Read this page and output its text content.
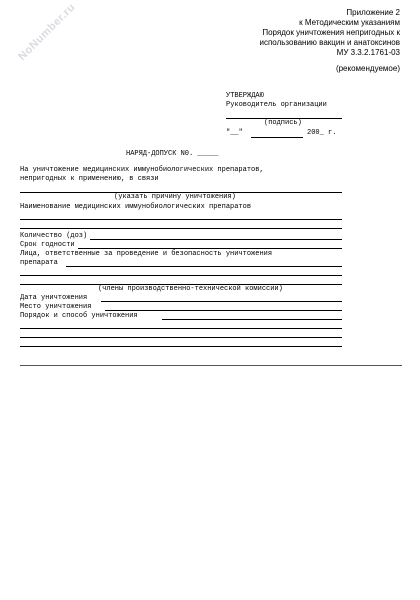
NoNumber.ru	Приложение 2
к Методическим указаниям
Порядок уничтожения непригодных к
использованию вакцин и анатоксинов
МУ 3.3.2.1761-03
(рекомендуемое)
УТВЕРЖДАЮ
Руководитель организации
(подпись)
"__"	200_ г.
НАРЯД-ДОПУСК N0. _____
На уничтожение медицинских иммунобиологических препаратов,
непригодных к применению, в связи
(указать причину уничтожения)
Наименование медицинских иммунобиологических препаратов
Количество (доз)
Срок годности
Лица, ответственные за проведение и безопасность уничтожения
препарата
(члены производственно-технической комиссии)
Дата уничтожения
Место уничтожения
Порядок и способ уничтожения
